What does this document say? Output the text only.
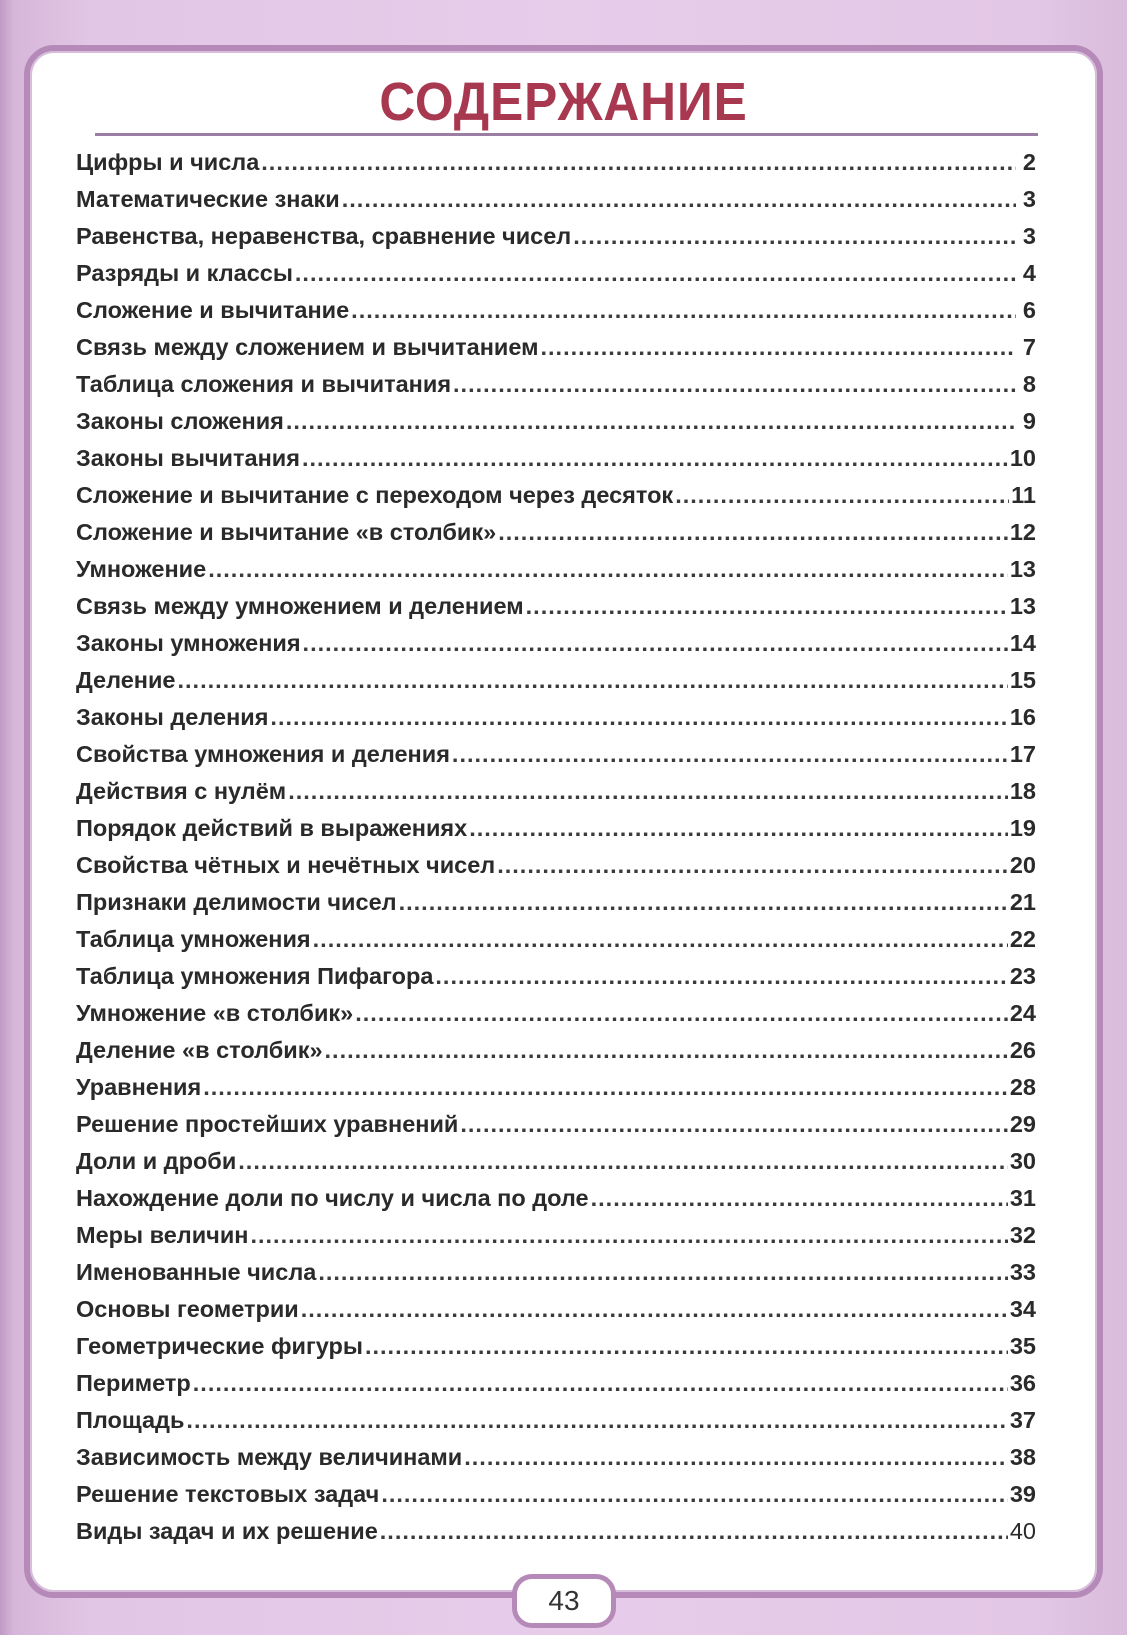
СОДЕРЖАНИЕ
Цифры и числа .....	2
Математические знаки .....	3
Равенства, неравенства, сравнение чисел .....	3
Разряды и классы .....	4
Сложение и вычитание .....	6
Связь между сложением и вычитанием .....	7
Таблица сложения и вычитания .....	8
Законы сложения .....	9
Законы вычитания .....	10
Сложение и вычитание с переходом через десяток .....	11
Сложение и вычитание «в столбик» .....	12
Умножение .....	13
Связь между умножением и делением .....	13
Законы умножения .....	14
Деление .....	15
Законы деления .....	16
Свойства умножения и деления .....	17
Действия с нулём .....	18
Порядок действий в выражениях .....	19
Свойства чётных и нечётных чисел .....	20
Признаки делимости чисел .....	21
Таблица умножения .....	22
Таблица умножения Пифагора .....	23
Умножение «в столбик» .....	24
Деление «в столбик» .....	26
Уравнения .....	28
Решение простейших уравнений .....	29
Доли и дроби .....	30
Нахождение доли по числу и числа по доле .....	31
Меры величин .....	32
Именованные числа .....	33
Основы геометрии .....	34
Геометрические фигуры .....	35
Периметр .....	36
Площадь .....	37
Зависимость между величинами .....	38
Решение текстовых задач .....	39
Виды задач и их решение .....	40
43
